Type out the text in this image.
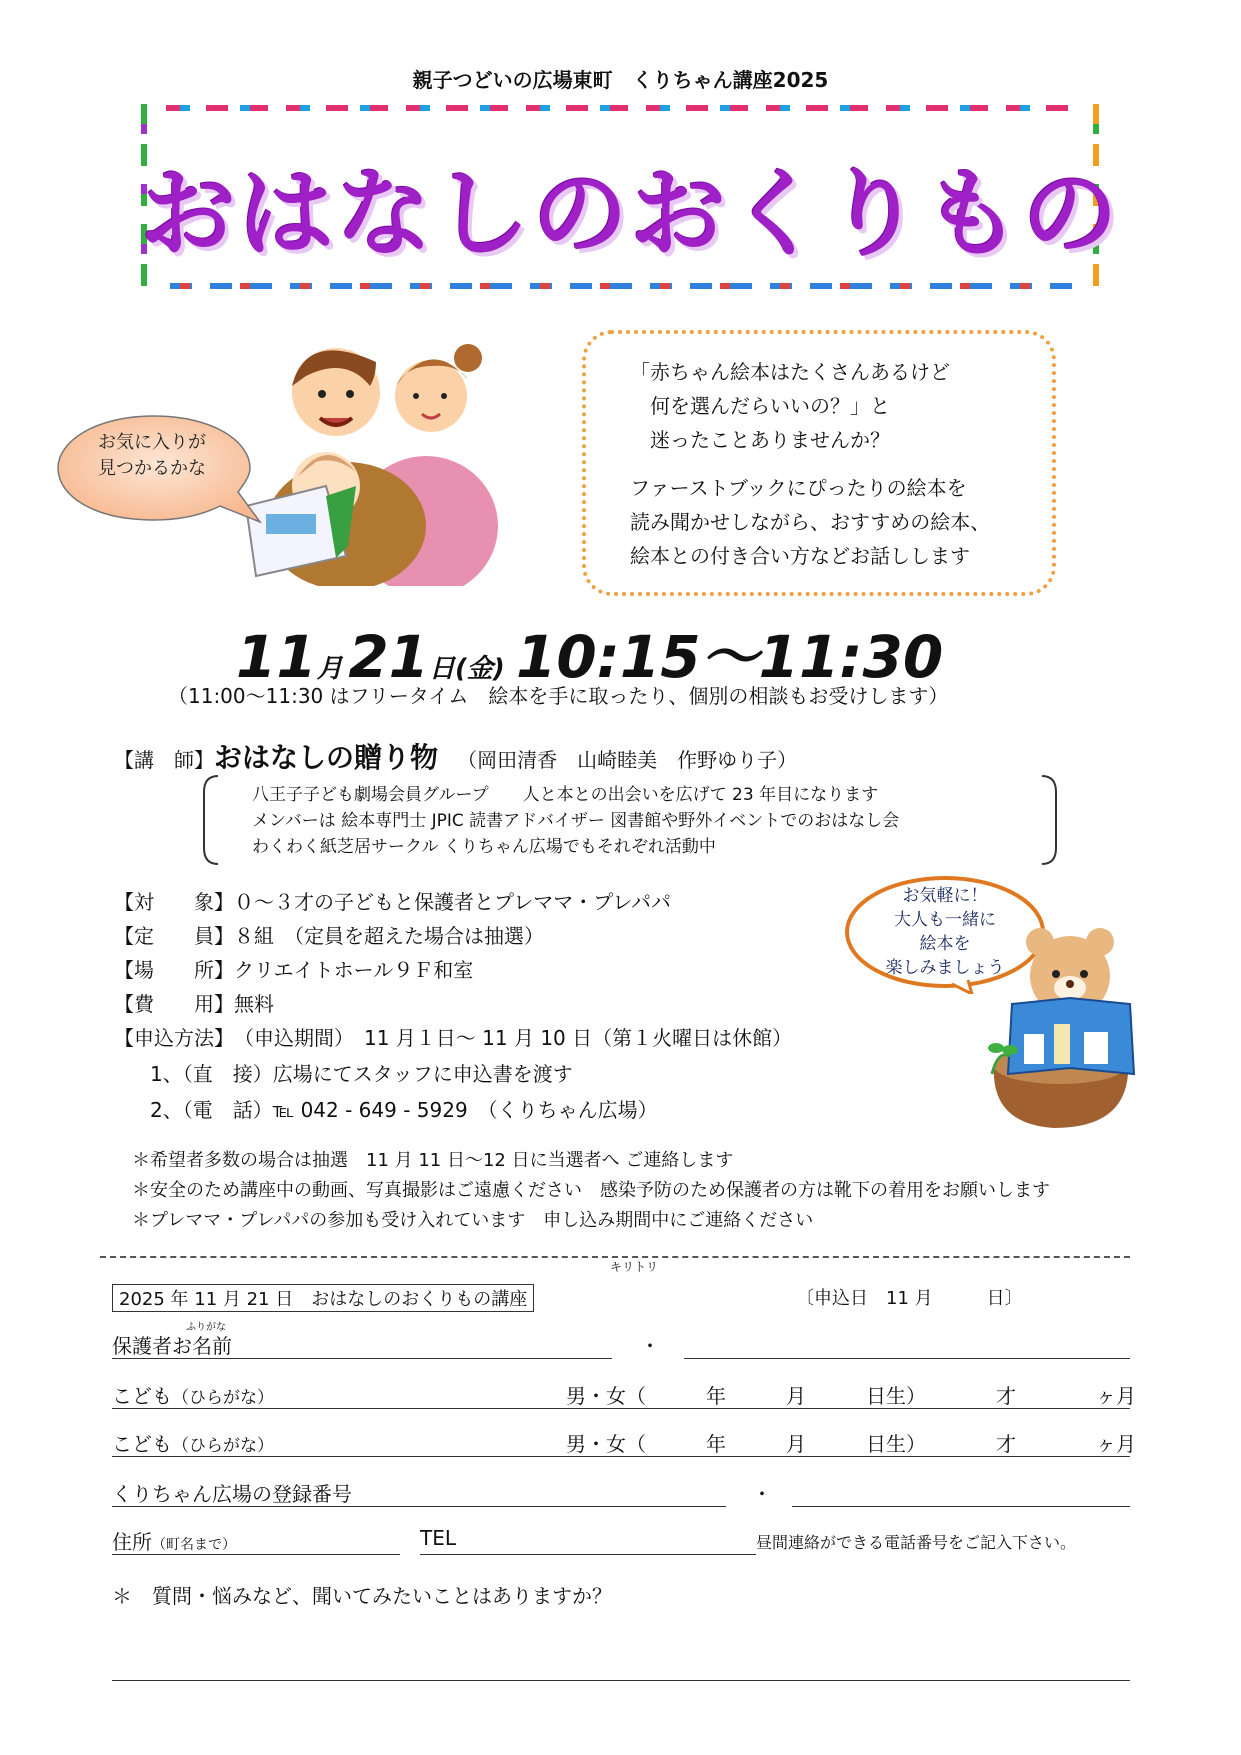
親子つどいの広場東町　くりちゃん講座2025
おはなしのおくりもの
お気に入りが
見つかるかな
「赤ちゃん絵本はたくさんあるけど
　何を選んだらいいの？」と
　迷ったことありませんか？
ファーストブックにぴったりの絵本を
読み聞かせしながら、おすすめの絵本、
絵本との付き合い方などお話しします
11月 21日(金) 10:15〜11:30
（11:00〜11:30 はフリータイム　絵本を手に取ったり、個別の相談もお受けします）
【講　師】おはなしの贈り物 （岡田清香　山崎睦美　作野ゆり子）
八王子子ども劇場会員グループ　　人と本との出会いを広げて 23 年目になります
メンバーは 絵本専門士 JPIC 読書アドバイザー 図書館や野外イベントでのおはなし会
わくわく紙芝居サークル くりちゃん広場でもそれぞれ活動中
【対　　象】０〜３才の子どもと保護者とプレママ・プレパパ
【定　　員】８組　（定員を超えた場合は抽選）
【場　　所】クリエイトホール９Ｆ和室
【費　　用】無料
【申込方法】　（申込期間）　11 月１日〜 11 月 10 日（第１火曜日は休館）
1、（直　接）広場にてスタッフに申込書を渡す
2、（電　話）℡ 042 - 649 - 5929　（くりちゃん広場）
お気軽に！
大人も一緒に
絵本を
楽しみましょう
＊希望者多数の場合は抽選　11 月 11 日〜12 日に当選者へ ご連絡します
＊安全のため講座中の動画、写真撮影はご遠慮ください　感染予防のため保護者の方は靴下の着用をお願いします
＊プレママ・プレパパの参加も受け入れています　申し込み期間中にご連絡ください
キリトリ
2025 年 11 月 21 日　おはなしのおくりもの講座	〔申込日　11 月　　　日〕
ふりがな
保護者お名前	・
こども（ひらがな）	男・女（　　　年　　　月　　　日生）　　　　才　　　　ヶ月
こども（ひらがな）	男・女（　　　年　　　月　　　日生）　　　　才　　　　ヶ月
くりちゃん広場の登録番号	・
住所（町名まで）	TEL	昼間連絡ができる電話番号をご記入下さい。
＊　質問・悩みなど、聞いてみたいことはありますか？
